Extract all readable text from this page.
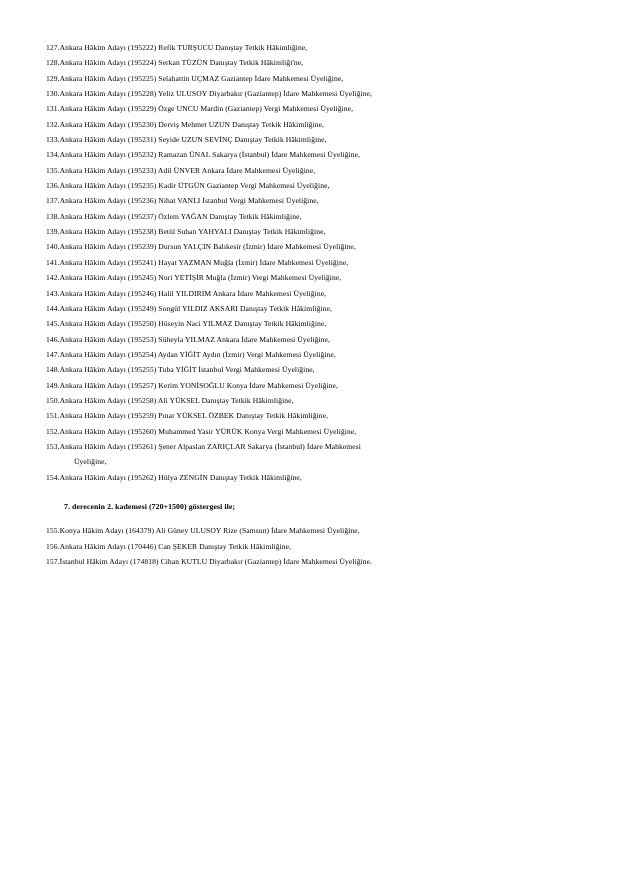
127.Ankara Hâkim Adayı (195222) Refik TURŞUCU Danıştay Tetkik Hâkimliğine,
128.Ankara Hâkim Adayı (195224) Serkan TÜZÜN Danıştay Tetkik Hâkimliği'ne,
129.Ankara Hâkim Adayı (195225) Selahattin UÇMAZ Gaziantep İdare Mahkemesi Üyeliğine,
130.Ankara Hâkim Adayı (195228) Yeliz ULUSOY Diyarbakır (Gaziantep) İdare Mahkemesi Üyeliğine,
131.Ankara Hâkim Adayı (195229) Özge UNCU Mardin (Gaziantep) Vergi Mahkemesi Üyeliğine,
132.Ankara Hâkim Adayı (195230) Derviş Mehmet UZUN Danıştay Tetkik Hâkimliğine,
133.Ankara Hâkim Adayı (195231) Seyide UZUN SEVİNÇ Danıştay Tetkik Hâkimliğine,
134.Ankara Hâkim Adayı (195232) Ramazan ÜNAL Sakarya (İstanbul) İdare Mahkemesi Üyeliğine,
135.Ankara Hâkim Adayı (195233) Adil ÜNVER Ankara İdare Mahkemesi Üyeliğine,
136.Ankara Hâkim Adayı (195235) Kadir ÜTGÜN Gaziantep Vergi Mahkemesi Üyeliğine,
137.Ankara Hâkim Adayı (195236) Nihat VANLI İstanbul Vergi Mahkemesi Üyeliğine,
138.Ankara Hâkim Adayı (195237) Özlem YAĞAN Danıştay Tetkik Hâkimliğine,
139.Ankara Hâkim Adayı (195238) Betül Suhan YAHYALI Danıştay Tetkik Hâkimliğine,
140.Ankara Hâkim Adayı (195239) Dursun YALÇIN Balıkesir (İzmir) İdare Mahkemesi Üyeliğine,
141.Ankara Hâkim Adayı (195241) Hayat YAZMAN Muğla (İzmir) İdare Mahkemesi Üyeliğine,
142.Ankara Hâkim Adayı (195245) Nuri YETİŞİR Muğla (İzmir) Vergi Mahkemesi Üyeliğine,
143.Ankara Hâkim Adayı (195246) Halil YILDIRIM Ankara İdare Mahkemesi Üyeliğine,
144.Ankara Hâkim Adayı (195249) Songül YILDIZ AKSARI Danıştay Tetkik Hâkimliğine,
145.Ankara Hâkim Adayı (195250) Hüseyin Naci YILMAZ Danıştay Tetkik Hâkimliğine,
146.Ankara Hâkim Adayı (195253) Süheyla YILMAZ Ankara İdare Mahkemesi Üyeliğine,
147.Ankara Hâkim Adayı (195254) Aydan YİĞİT Aydın (İzmir) Vergi Mahkemesi Üyeliğine,
148.Ankara Hâkim Adayı (195255) Tuba YİĞİT İstanbul Vergi Mahkemesi Üyeliğine,
149.Ankara Hâkim Adayı (195257) Kerim YONİSOĞLU Konya İdare Mahkemesi Üyeliğine,
150.Ankara Hâkim Adayı (195258) Ali YÜKSEL Danıştay Tetkik Hâkimliğine,
151.Ankara Hâkim Adayı (195259) Pınar YÜKSEL ÖZBEK Danıştay Tetkik Hâkimliğine,
152.Ankara Hâkim Adayı (195260) Muhammed Yasir YÜRÜK Konya Vergi Mahkemesi Üyeliğine,
153.Ankara Hâkim Adayı (195261) Şener Alpaslan ZARIÇLAR Sakarya (İstanbul) İdare Mahkemesi
Üyeliğine,
154.Ankara Hâkim Adayı (195262) Hülya ZENGİN Danıştay Tetkik Hâkimliğine,
7. derecenin 2. kademesi (720+1500) göstergesi ile;
155.Konya Hâkim Adayı (164379) Ali Güney ULUSOY Rize (Samsun) İdare Mahkemesi Üyeliğine,
156.Ankara Hâkim Adayı (170446) Can ŞEKER Danıştay Tetkik Hâkimliğine,
157.İstanbul Hâkim Adayı (174818) Cihan KUTLU Diyarbakır (Gaziantep) İdare Mahkemesi Üyeliğine.
